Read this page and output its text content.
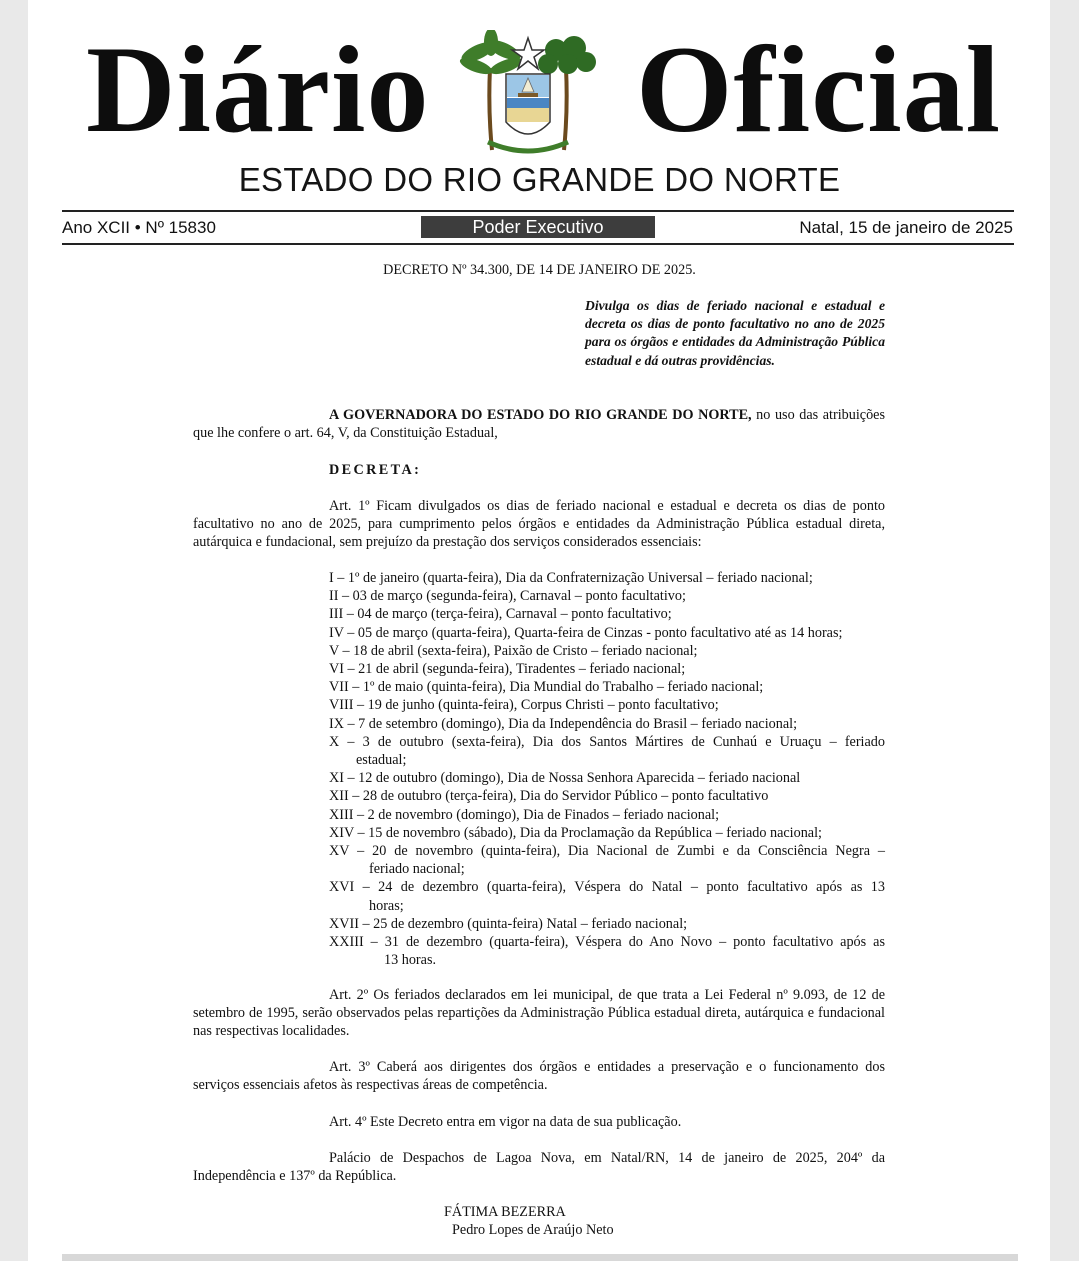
Diário Oficial
ESTADO DO RIO GRANDE DO NORTE
Ano XCII • Nº 15830	Poder Executivo	Natal, 15 de janeiro de 2025
DECRETO Nº 34.300, DE 14 DE JANEIRO DE 2025.
Divulga os dias de feriado nacional e estadual e decreta os dias de ponto facultativo no ano de 2025 para os órgãos e entidades da Administração Pública estadual e dá outras providências.
A GOVERNADORA DO ESTADO DO RIO GRANDE DO NORTE, no uso das atribuições que lhe confere o art. 64, V, da Constituição Estadual,
DECRETA:
Art. 1º Ficam divulgados os dias de feriado nacional e estadual e decreta os dias de ponto facultativo no ano de 2025, para cumprimento pelos órgãos e entidades da Administração Pública estadual direta, autárquica e fundacional, sem prejuízo da prestação dos serviços considerados essenciais:
I – 1º de janeiro (quarta-feira), Dia da Confraternização Universal – feriado nacional;
II – 03 de março (segunda-feira), Carnaval – ponto facultativo;
III – 04 de março (terça-feira), Carnaval – ponto facultativo;
IV – 05 de março (quarta-feira), Quarta-feira de Cinzas - ponto facultativo até as 14 horas;
V – 18 de abril (sexta-feira), Paixão de Cristo – feriado nacional;
VI – 21 de abril (segunda-feira), Tiradentes – feriado nacional;
VII – 1º de maio (quinta-feira), Dia Mundial do Trabalho – feriado nacional;
VIII – 19 de junho (quinta-feira), Corpus Christi – ponto facultativo;
IX – 7 de setembro (domingo), Dia da Independência do Brasil – feriado nacional;
X – 3 de outubro (sexta-feira), Dia dos Santos Mártires de Cunhaú e Uruaçu – feriado
estadual;
XI – 12 de outubro (domingo), Dia de Nossa Senhora Aparecida – feriado nacional
XII – 28 de outubro (terça-feira), Dia do Servidor Público – ponto facultativo
XIII – 2 de novembro (domingo), Dia de Finados – feriado nacional;
XIV – 15 de novembro (sábado), Dia da Proclamação da República – feriado nacional;
XV – 20 de novembro (quinta-feira), Dia Nacional de Zumbi e da Consciência Negra –
feriado nacional;
XVI – 24 de dezembro (quarta-feira), Véspera do Natal – ponto facultativo após as 13
horas;
XVII – 25 de dezembro (quinta-feira) Natal – feriado nacional;
XXIII – 31 de dezembro (quarta-feira), Véspera do Ano Novo – ponto facultativo após as
13 horas.
Art. 2º Os feriados declarados em lei municipal, de que trata a Lei Federal nº 9.093, de 12 de setembro de 1995, serão observados pelas repartições da Administração Pública estadual direta, autárquica e fundacional nas respectivas localidades.
Art. 3º Caberá aos dirigentes dos órgãos e entidades a preservação e o funcionamento dos serviços essenciais afetos às respectivas áreas de competência.
Art. 4º Este Decreto entra em vigor na data de sua publicação.
Palácio de Despachos de Lagoa Nova, em Natal/RN, 14 de janeiro de 2025, 204º da Independência e 137º da República.
FÁTIMA BEZERRA
Pedro Lopes de Araújo Neto
